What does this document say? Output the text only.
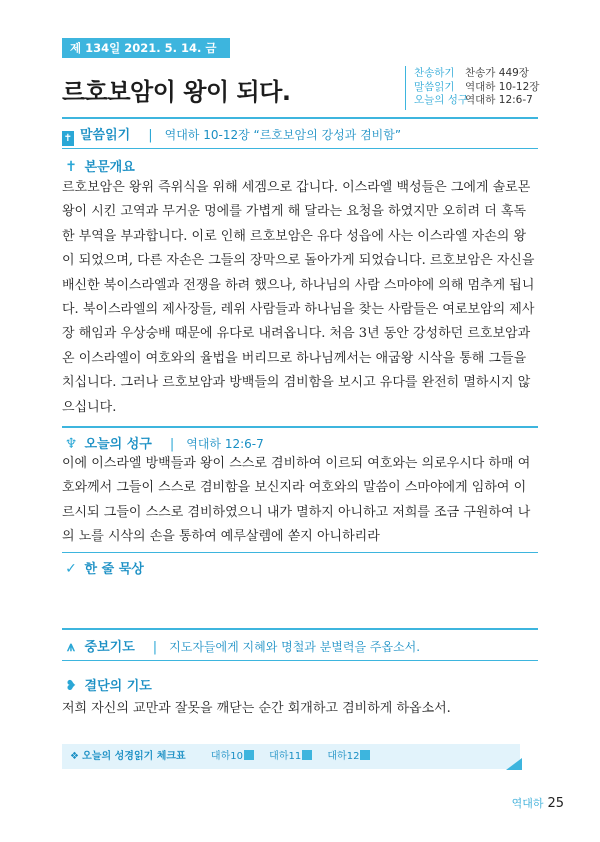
제 134일 2021. 5. 14. 금
르호보암이 왕이 되다.
찬송하기 찬송가 449장
말씀읽기 역대하 10-12장
오늘의 성구역대하 12:6-7
✝ 말씀읽기 | 역대하 10-12장 “르호보암의 강성과 겸비함”
✝ 본문개요
르호보암은 왕위 즉위식을 위해 세겜으로 갑니다. 이스라엘 백성들은 그에게 솔로몬
왕이 시킨 고역과 무거운 멍에를 가볍게 해 달라는 요청을 하였지만 오히려 더 혹독
한 부역을 부과합니다. 이로 인해 르호보암은 유다 성읍에 사는 이스라엘 자손의 왕
이 되었으며, 다른 자손은 그들의 장막으로 돌아가게 되었습니다. 르호보암은 자신을
배신한 북이스라엘과 전쟁을 하려 했으나, 하나님의 사람 스마야에 의해 멈추게 됩니
다. 북이스라엘의 제사장들, 레위 사람들과 하나님을 찾는 사람들은 여로보암의 제사
장 해임과 우상숭배 때문에 유다로 내려옵니다. 처음 3년 동안 강성하던 르호보암과
온 이스라엘이 여호와의 율법을 버리므로 하나님께서는 애굽왕 시삭을 통해 그들을
치십니다. 그러나 르호보암과 방백들의 겸비함을 보시고 유다를 완전히 멸하시지 않
으십니다.
♆ 오늘의 성구 | 역대하 12:6-7
이에 이스라엘 방백들과 왕이 스스로 겸비하여 이르되 여호와는 의로우시다 하매 여
호와께서 그들이 스스로 겸비함을 보신지라 여호와의 말씀이 스마야에게 임하여 이
르시되 그들이 스스로 겸비하였으니 내가 멸하지 아니하고 저희를 조금 구원하여 나
의 노를 시삭의 손을 통하여 예루살렘에 쏟지 아니하리라
✓ 한 줄 묵상
⩚ 중보기도 | 지도자들에게 지혜와 명철과 분별력을 주옵소서.
❥ 결단의 기도
저희 자신의 교만과 잘못을 깨닫는 순간 회개하고 겸비하게 하옵소서.
❖ 오늘의 성경읽기 체크표	대하10	대하11	대하12
역대하 25
